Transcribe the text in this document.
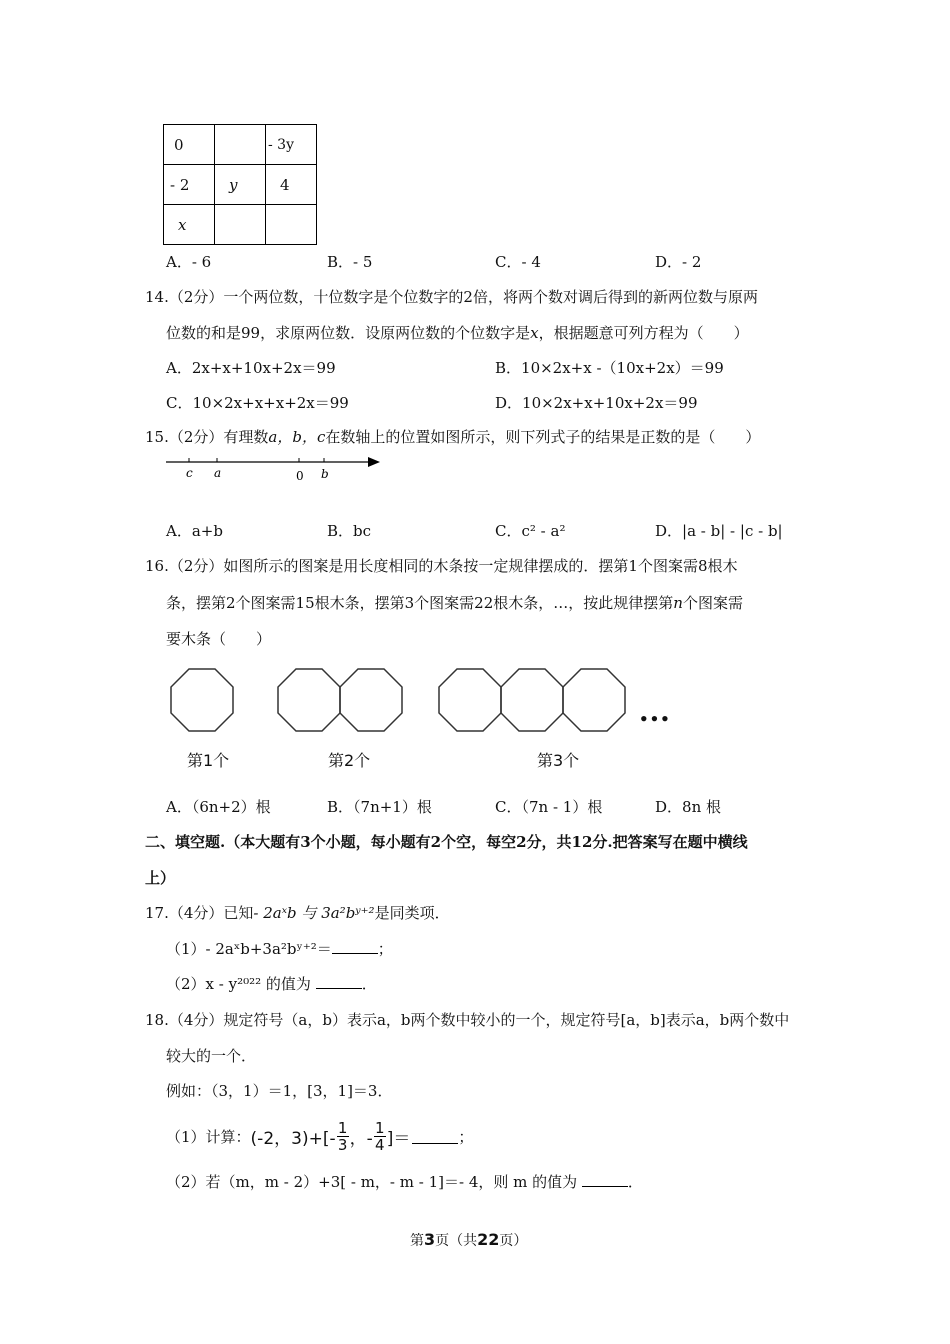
0		- 3y
- 2	y	4
x		
A．- 6	B．- 5	C．- 4	D．- 2
14.（2分）一个两位数，十位数字是个位数字的2倍，将两个数对调后得到的新两位数与原两
位数的和是99，求原两位数．设原两位数的个位数字是x，根据题意可列方程为（　　）
A．2x+x+10x+2x＝99	B．10×2x+x -（10x+2x）＝99
C．10×2x+x+x+2x＝99	D．10×2x+x+10x+2x＝99
15.（2分）有理数a，b，c在数轴上的位置如图所示，则下列式子的结果是正数的是（　　）
c a	0 b
A．a+b	B．bc	C．c² - a²	D．|a - b| - |c - b|
16.（2分）如图所示的图案是用长度相同的木条按一定规律摆成的．摆第1个图案需8根木
条，摆第2个图案需15根木条，摆第3个图案需22根木条，…，按此规律摆第n个图案需
要木条（　　）
•••
第1个	第2个	第3个
A．（6n+2）根	B．（7n+1）根	C．（7n - 1）根	D．8n 根
二、填空题.（本大题有3个小题，每小题有2个空，每空2分，共12分.把答案写在题中横线
上）
17.（4分）已知- 2aˣb 与 3a²bʸ⁺²是同类项．
（1）- 2aˣb+3a²bʸ⁺²＝	；
（2）x - y²⁰²² 的值为	．
18.（4分）规定符号（a，b）表示a，b两个数中较小的一个，规定符号[a，b]表示a，b两个数中
较大的一个．
例如：（3，1）＝1，[3，1]＝3．
（1）计算： (-2，3)+[-
1
3 ，-
1
4 ]＝	；
（2）若（m，m - 2）+3[ - m，- m - 1]＝- 4，则 m 的值为	．
第3页（共22页）
